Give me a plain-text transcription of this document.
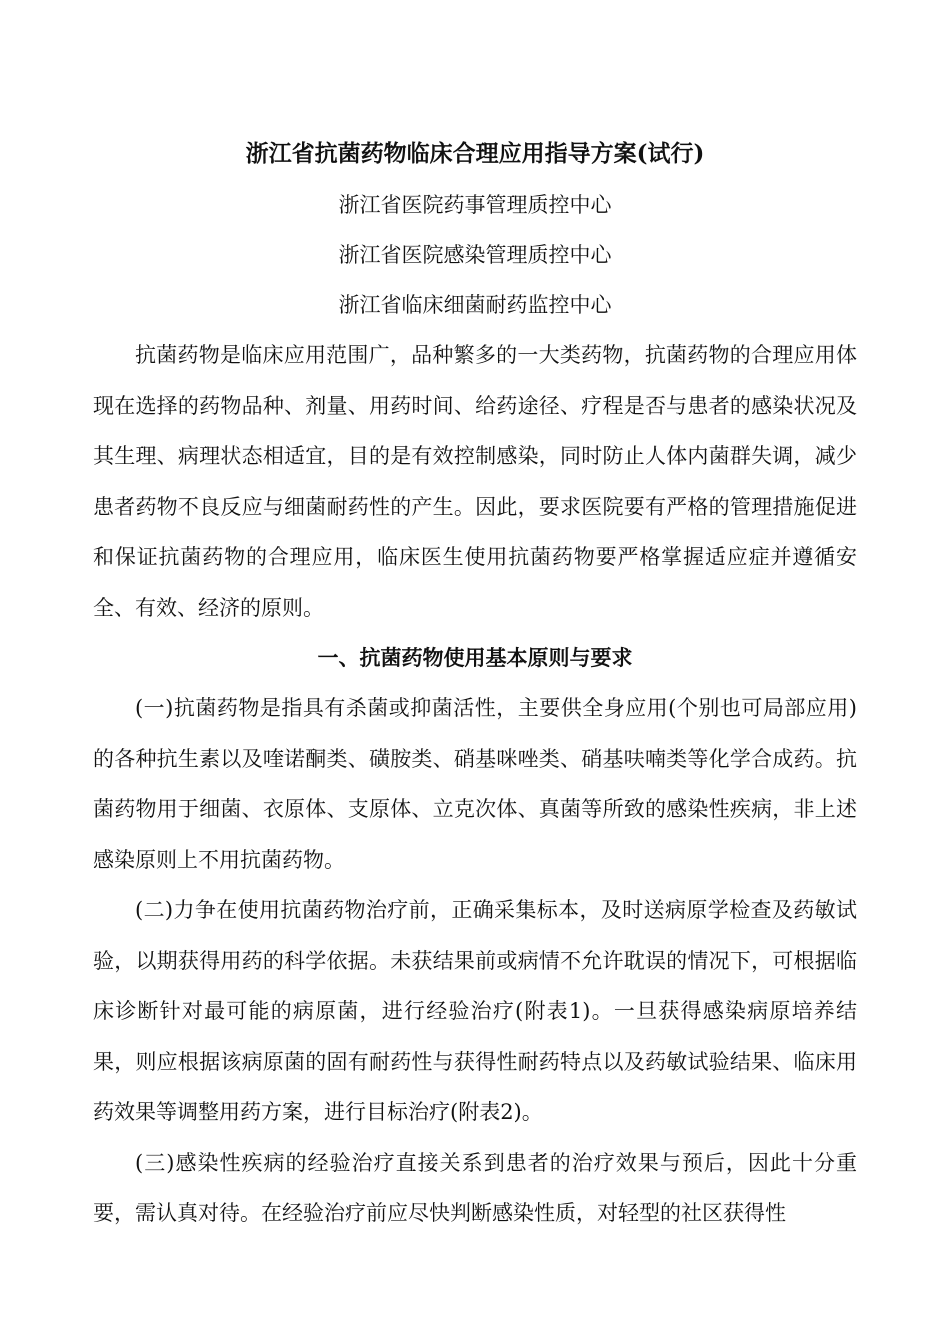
浙江省抗菌药物临床合理应用指导方案(试行)

浙江省医院药事管理质控中心

浙江省医院感染管理质控中心

浙江省临床细菌耐药监控中心

抗菌药物是临床应用范围广，品种繁多的一大类药物，抗菌药物的合理应用体现在选择的药物品种、剂量、用药时间、给药途径、疗程是否与患者的感染状况及其生理、病理状态相适宜，目的是有效控制感染，同时防止人体内菌群失调，减少患者药物不良反应与细菌耐药性的产生。因此，要求医院要有严格的管理措施促进和保证抗菌药物的合理应用，临床医生使用抗菌药物要严格掌握适应症并遵循安全、有效、经济的原则。

一、抗菌药物使用基本原则与要求

(一)抗菌药物是指具有杀菌或抑菌活性，主要供全身应用(个别也可局部应用)的各种抗生素以及喹诺酮类、磺胺类、硝基咪唑类、硝基呋喃类等化学合成药。抗菌药物用于细菌、衣原体、支原体、立克次体、真菌等所致的感染性疾病，非上述感染原则上不用抗菌药物。

(二)力争在使用抗菌药物治疗前，正确采集标本，及时送病原学检查及药敏试验，以期获得用药的科学依据。未获结果前或病情不允许耽误的情况下，可根据临床诊断针对最可能的病原菌，进行经验治疗(附表1)。一旦获得感染病原培养结果，则应根据该病原菌的固有耐药性与获得性耐药特点以及药敏试验结果、临床用药效果等调整用药方案，进行目标治疗(附表2)。

(三)感染性疾病的经验治疗直接关系到患者的治疗效果与预后，因此十分重要，需认真对待。在经验治疗前应尽快判断感染性质，对轻型的社区获得性
